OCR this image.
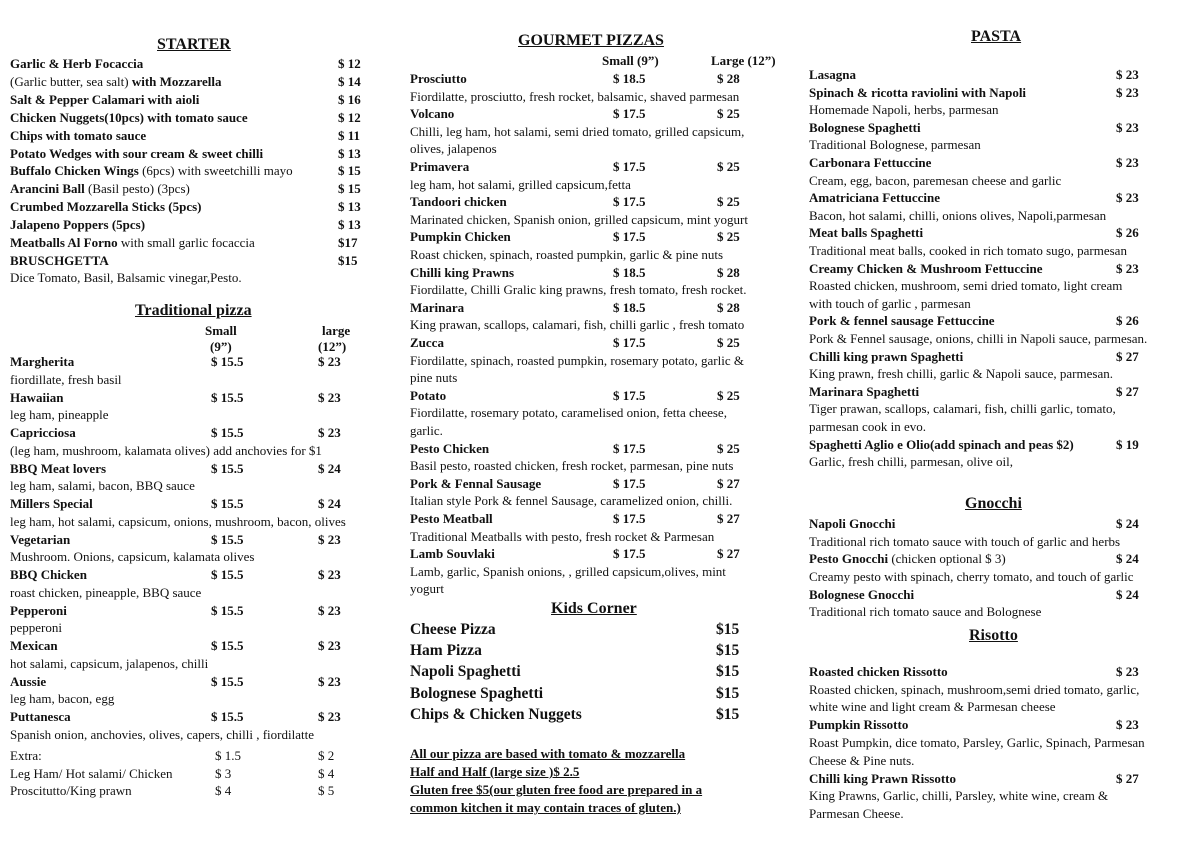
STARTER
Garlic & Herb Focaccia	$ 12
(Garlic butter, sea salt) with Mozzarella	$ 14
Salt & Pepper Calamari with aioli	$ 16
Chicken Nuggets(10pcs) with tomato sauce	$ 12
Chips with tomato sauce	$ 11
Potato Wedges with sour cream & sweet chilli	$ 13
Buffalo Chicken Wings (6pcs) with sweetchilli mayo	$ 15
Arancini Ball (Basil pesto) (3pcs)	$ 15
Crumbed Mozzarella Sticks (5pcs)	$ 13
Jalapeno Poppers (5pcs)	$ 13
Meatballs Al Forno with small garlic focaccia	$17
BRUSCHGETTA	$15
Dice Tomato, Basil, Balsamic vinegar,Pesto.
Traditional pizza
Small
(9”)
large
(12”)
Margherita	$ 15.5	$ 23
fiordillate, fresh basil
Hawaiian	$ 15.5	$ 23
leg ham, pineapple
Capricciosa	$ 15.5	$ 23
(leg ham, mushroom, kalamata olives) add anchovies for $1
BBQ Meat lovers	$ 15.5	$ 24
leg ham, salami, bacon, BBQ sauce
Millers Special	$ 15.5	$ 24
leg ham, hot salami, capsicum, onions, mushroom, bacon, olives
Vegetarian	$ 15.5	$ 23
Mushroom. Onions, capsicum, kalamata olives
BBQ Chicken	$ 15.5	$ 23
roast chicken, pineapple, BBQ sauce
Pepperoni	$ 15.5	$ 23
pepperoni
Mexican	$ 15.5	$ 23
hot salami, capsicum, jalapenos, chilli
Aussie	$ 15.5	$ 23
leg ham, bacon, egg
Puttanesca	$ 15.5	$ 23
Spanish onion, anchovies, olives, capers, chilli , fiordilatte
Extra:	$ 1.5	$ 2
Leg Ham/ Hot salami/ Chicken	$ 3	$ 4
Proscitutto/King prawn	$ 4	$ 5
GOURMET PIZZAS
Small (9”)	Large (12”)
Prosciutto	$ 18.5	$ 28
Fiordilatte, prosciutto, fresh rocket, balsamic, shaved parmesan
Volcano	$ 17.5	$ 25
Chilli, leg ham, hot salami, semi dried tomato, grilled capsicum,
olives, jalapenos
Primavera	$ 17.5	$ 25
leg ham, hot salami, grilled capsicum,fetta
Tandoori chicken	$ 17.5	$ 25
Marinated chicken, Spanish onion, grilled capsicum, mint yogurt
Pumpkin Chicken	$ 17.5	$ 25
Roast chicken, spinach, roasted pumpkin, garlic & pine nuts
Chilli king Prawns	$ 18.5	$ 28
Fiordilatte, Chilli Gralic king prawns, fresh tomato, fresh rocket.
Marinara	$ 18.5	$ 28
King prawan, scallops, calamari, fish, chilli garlic , fresh tomato
Zucca	$ 17.5	$ 25
Fiordilatte, spinach, roasted pumpkin, rosemary potato, garlic &
pine nuts
Potato	$ 17.5	$ 25
Fiordilatte, rosemary potato, caramelised onion, fetta cheese,
garlic.
Pesto Chicken	$ 17.5	$ 25
Basil pesto, roasted chicken, fresh rocket, parmesan, pine nuts
Pork & Fennal Sausage	$ 17.5	$ 27
Italian style Pork & fennel Sausage, caramelized onion, chilli.
Pesto Meatball	$ 17.5	$ 27
Traditional Meatballs with pesto, fresh rocket & Parmesan
Lamb Souvlaki	$ 17.5	$ 27
Lamb, garlic, Spanish onions, , grilled capsicum,olives, mint
yogurt
Kids Corner
Cheese Pizza	$15
Ham Pizza	$15
Napoli Spaghetti	$15
Bolognese Spaghetti	$15
Chips & Chicken Nuggets	$15
All our pizza are based with tomato & mozzarella
Half and Half (large size )$ 2.5
Gluten free $5(our gluten free food are prepared in a
common kitchen it may contain traces of gluten.)
PASTA
Lasagna	$ 23
Spinach & ricotta raviolini with Napoli	$ 23
Homemade Napoli, herbs, parmesan
Bolognese Spaghetti	$ 23
Traditional Bolognese, parmesan
Carbonara Fettuccine	$ 23
Cream, egg, bacon, paremesan cheese and garlic
Amatriciana Fettuccine	$ 23
Bacon, hot salami, chilli, onions olives, Napoli,parmesan
Meat balls Spaghetti	$ 26
Traditional meat balls, cooked in rich tomato sugo, parmesan
Creamy Chicken & Mushroom Fettuccine	$ 23
Roasted chicken, mushroom, semi dried tomato, light cream
with touch of garlic , parmesan
Pork & fennel sausage Fettuccine	$ 26
Pork & Fennel sausage, onions, chilli in Napoli sauce, parmesan.
Chilli king prawn Spaghetti	$ 27
King prawn, fresh chilli, garlic & Napoli sauce, parmesan.
Marinara Spaghetti	$ 27
Tiger prawan, scallops, calamari, fish, chilli garlic, tomato,
parmesan cook in evo.
Spaghetti Aglio e Olio(add spinach and peas $2)	$ 19
Garlic, fresh chilli, parmesan, olive oil,
Gnocchi
Napoli Gnocchi	$ 24
Traditional rich tomato sauce with touch of garlic and herbs
Pesto Gnocchi (chicken optional $ 3)	$ 24
Creamy pesto with spinach, cherry tomato, and touch of garlic
Bolognese Gnocchi	$ 24
Traditional rich tomato sauce and Bolognese
Risotto
Roasted chicken Rissotto	$ 23
Roasted chicken, spinach, mushroom,semi dried tomato, garlic,
white wine and light cream & Parmesan cheese
Pumpkin Rissotto	$ 23
Roast Pumpkin, dice tomato, Parsley, Garlic, Spinach, Parmesan
Cheese & Pine nuts.
Chilli king Prawn Rissotto	$ 27
King Prawns, Garlic, chilli, Parsley, white wine, cream &
Parmesan Cheese.
